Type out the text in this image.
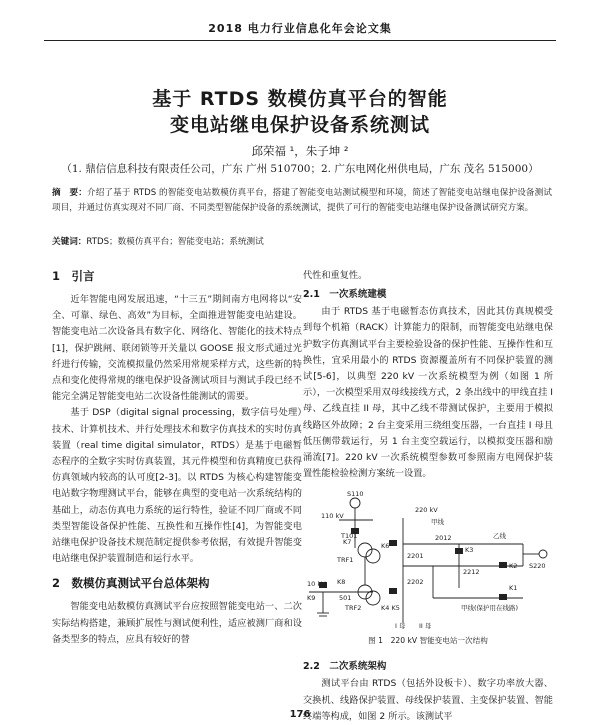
2018 电力行业信息化年会论文集
基于 RTDS 数模仿真平台的智能
变电站继电保护设备系统测试
邱荣福 ¹，朱子坤 ²
（1. 鼎信信息科技有限责任公司，广东 广州 510700；2. 广东电网化州供电局，广东 茂名 515000）
摘　要：介绍了基于 RTDS 的智能变电站数模仿真平台，搭建了智能变电站测试模型和环境，简述了智能变电站继电保护设备测试项目，并通过仿真实现对不同厂商、不同类型智能保护设备的系统测试，提供了可行的智能变电站继电保护设备测试研究方案。
关键词：RTDS；数模仿真平台；智能变电站；系统测试
1　引言

近年智能电网发展迅速，“十三五”期间南方电网将以“安全、可靠、绿色、高效”为目标，全面推进智能变电站建设。智能变电站二次设备具有数字化、网络化、智能化的技术特点[1]，保护跳闸、联闭锁等开关量以 GOOSE 报文形式通过光纤进行传输，交流模拟量仍然采用常规采样方式，这些新的特点和变化使得常规的继电保护设备测试项目与测试手段已经不能完全满足智能变电站二次设备性能测试的需要。

基于 DSP（digital signal processing，数字信号处理）技术、计算机技术、并行处理技术和数字仿真技术的实时仿真装置（real time digital simulator，RTDS）是基于电磁暂态程序的全数字实时仿真装置，其元件模型和仿真精度已获得仿真领域内较高的认可度[2-3]。以 RTDS 为核心构建智能变电站数字物理测试平台，能够在典型的变电站一次系统结构的基础上，动态仿真电力系统的运行特性，验证不同厂商或不同类型智能设备保护性能、互换性和互操作性[4]，为智能变电站继电保护设备技术规范制定提供参考依据，有效提升智能变电站继电保护装置制造和运行水平。

2　数模仿真测试平台总体架构

智能变电站数模仿真测试平台应按照智能变电站一、二次实际结构搭建，兼顾扩展性与测试便利性，适应被测厂商和设备类型多的特点，应具有较好的替

代性和重复性。

2.1　一次系统建模

由于 RTDS 基于电磁暂态仿真技术，因此其仿真规模受到每个机箱（RACK）计算能力的限制，而智能变电站继电保护数字仿真测试平台主要检验设备的保护性能、互操作性和互换性，宜采用最小的 RTDS 资源覆盖所有不同保护装置的测试[5-6]，以典型 220 kV 一次系统模型为例（如图 1 所示），一次模型采用双母线接线方式，2 条出线中的甲线直挂 I 母、乙线直挂 II 母，其中乙线不带测试保护，主要用于模拟线路区外故障；2 台主变采用三绕组变压器，一台直挂 I 母且低压侧带载运行，另 1 台主变空载运行，以模拟变压器和励涌流[7]。220 kV 一次系统模型参数可参照南方电网保护装置性能检验检测方案统一设置。

S110
110 kV
T101
K7	K6
TRF1
220 kV
甲线
2012
2201
K3
2212
乙线
K2
K1
S220
10 kV
K9
K8
501
TRF2	K4 K5
2202
I 母 II 母
甲线(保护用在线路)
图 1　220 kV 智能变电站一次结构
2.2　二次系统架构

测试平台由 RTDS（包括外设板卡）、数字功率放大器、交换机、线路保护装置、母线保护装置、主变保护装置、智能终端等构成，如图 2 所示。该测试平

176
